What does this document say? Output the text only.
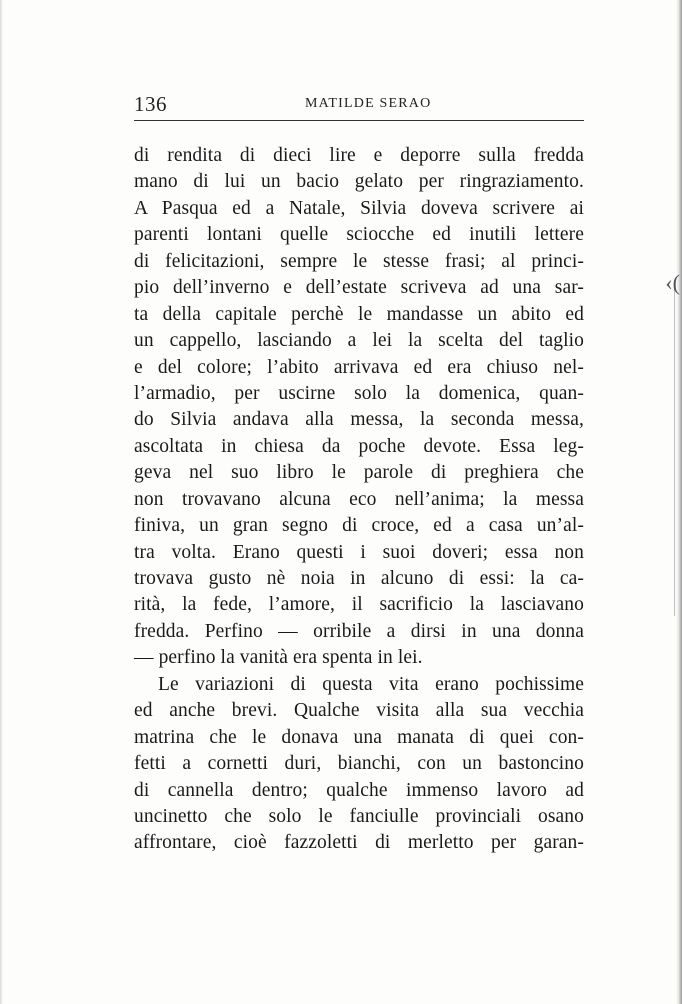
‹(
136	MATILDE SERAO
di rendita di dieci lire e deporre sulla fredda
mano di lui un bacio gelato per ringraziamento.
A Pasqua ed a Natale, Silvia doveva scrivere ai
parenti lontani quelle sciocche ed inutili lettere
di felicitazioni, sempre le stesse frasi; al princi-
pio dell’inverno e dell’estate scriveva ad una sar-
ta della capitale perchè le mandasse un abito ed
un cappello, lasciando a lei la scelta del taglio
e del colore; l’abito arrivava ed era chiuso nel-
l’armadio, per uscirne solo la domenica, quan-
do Silvia andava alla messa, la seconda messa,
ascoltata in chiesa da poche devote. Essa leg-
geva nel suo libro le parole di preghiera che
non trovavano alcuna eco nell’anima; la messa
finiva, un gran segno di croce, ed a casa un’al-
tra volta. Erano questi i suoi doveri; essa non
trovava gusto nè noia in alcuno di essi: la ca-
rità, la fede, l’amore, il sacrificio la lasciavano
fredda. Perfino — orribile a dirsi in una donna
— perfino la vanità era spenta in lei.
Le variazioni di questa vita erano pochissime
ed anche brevi. Qualche visita alla sua vecchia
matrina che le donava una manata di quei con-
fetti a cornetti duri, bianchi, con un bastoncino
di cannella dentro; qualche immenso lavoro ad
uncinetto che solo le fanciulle provinciali osano
affrontare, cioè fazzoletti di merletto per garan-
